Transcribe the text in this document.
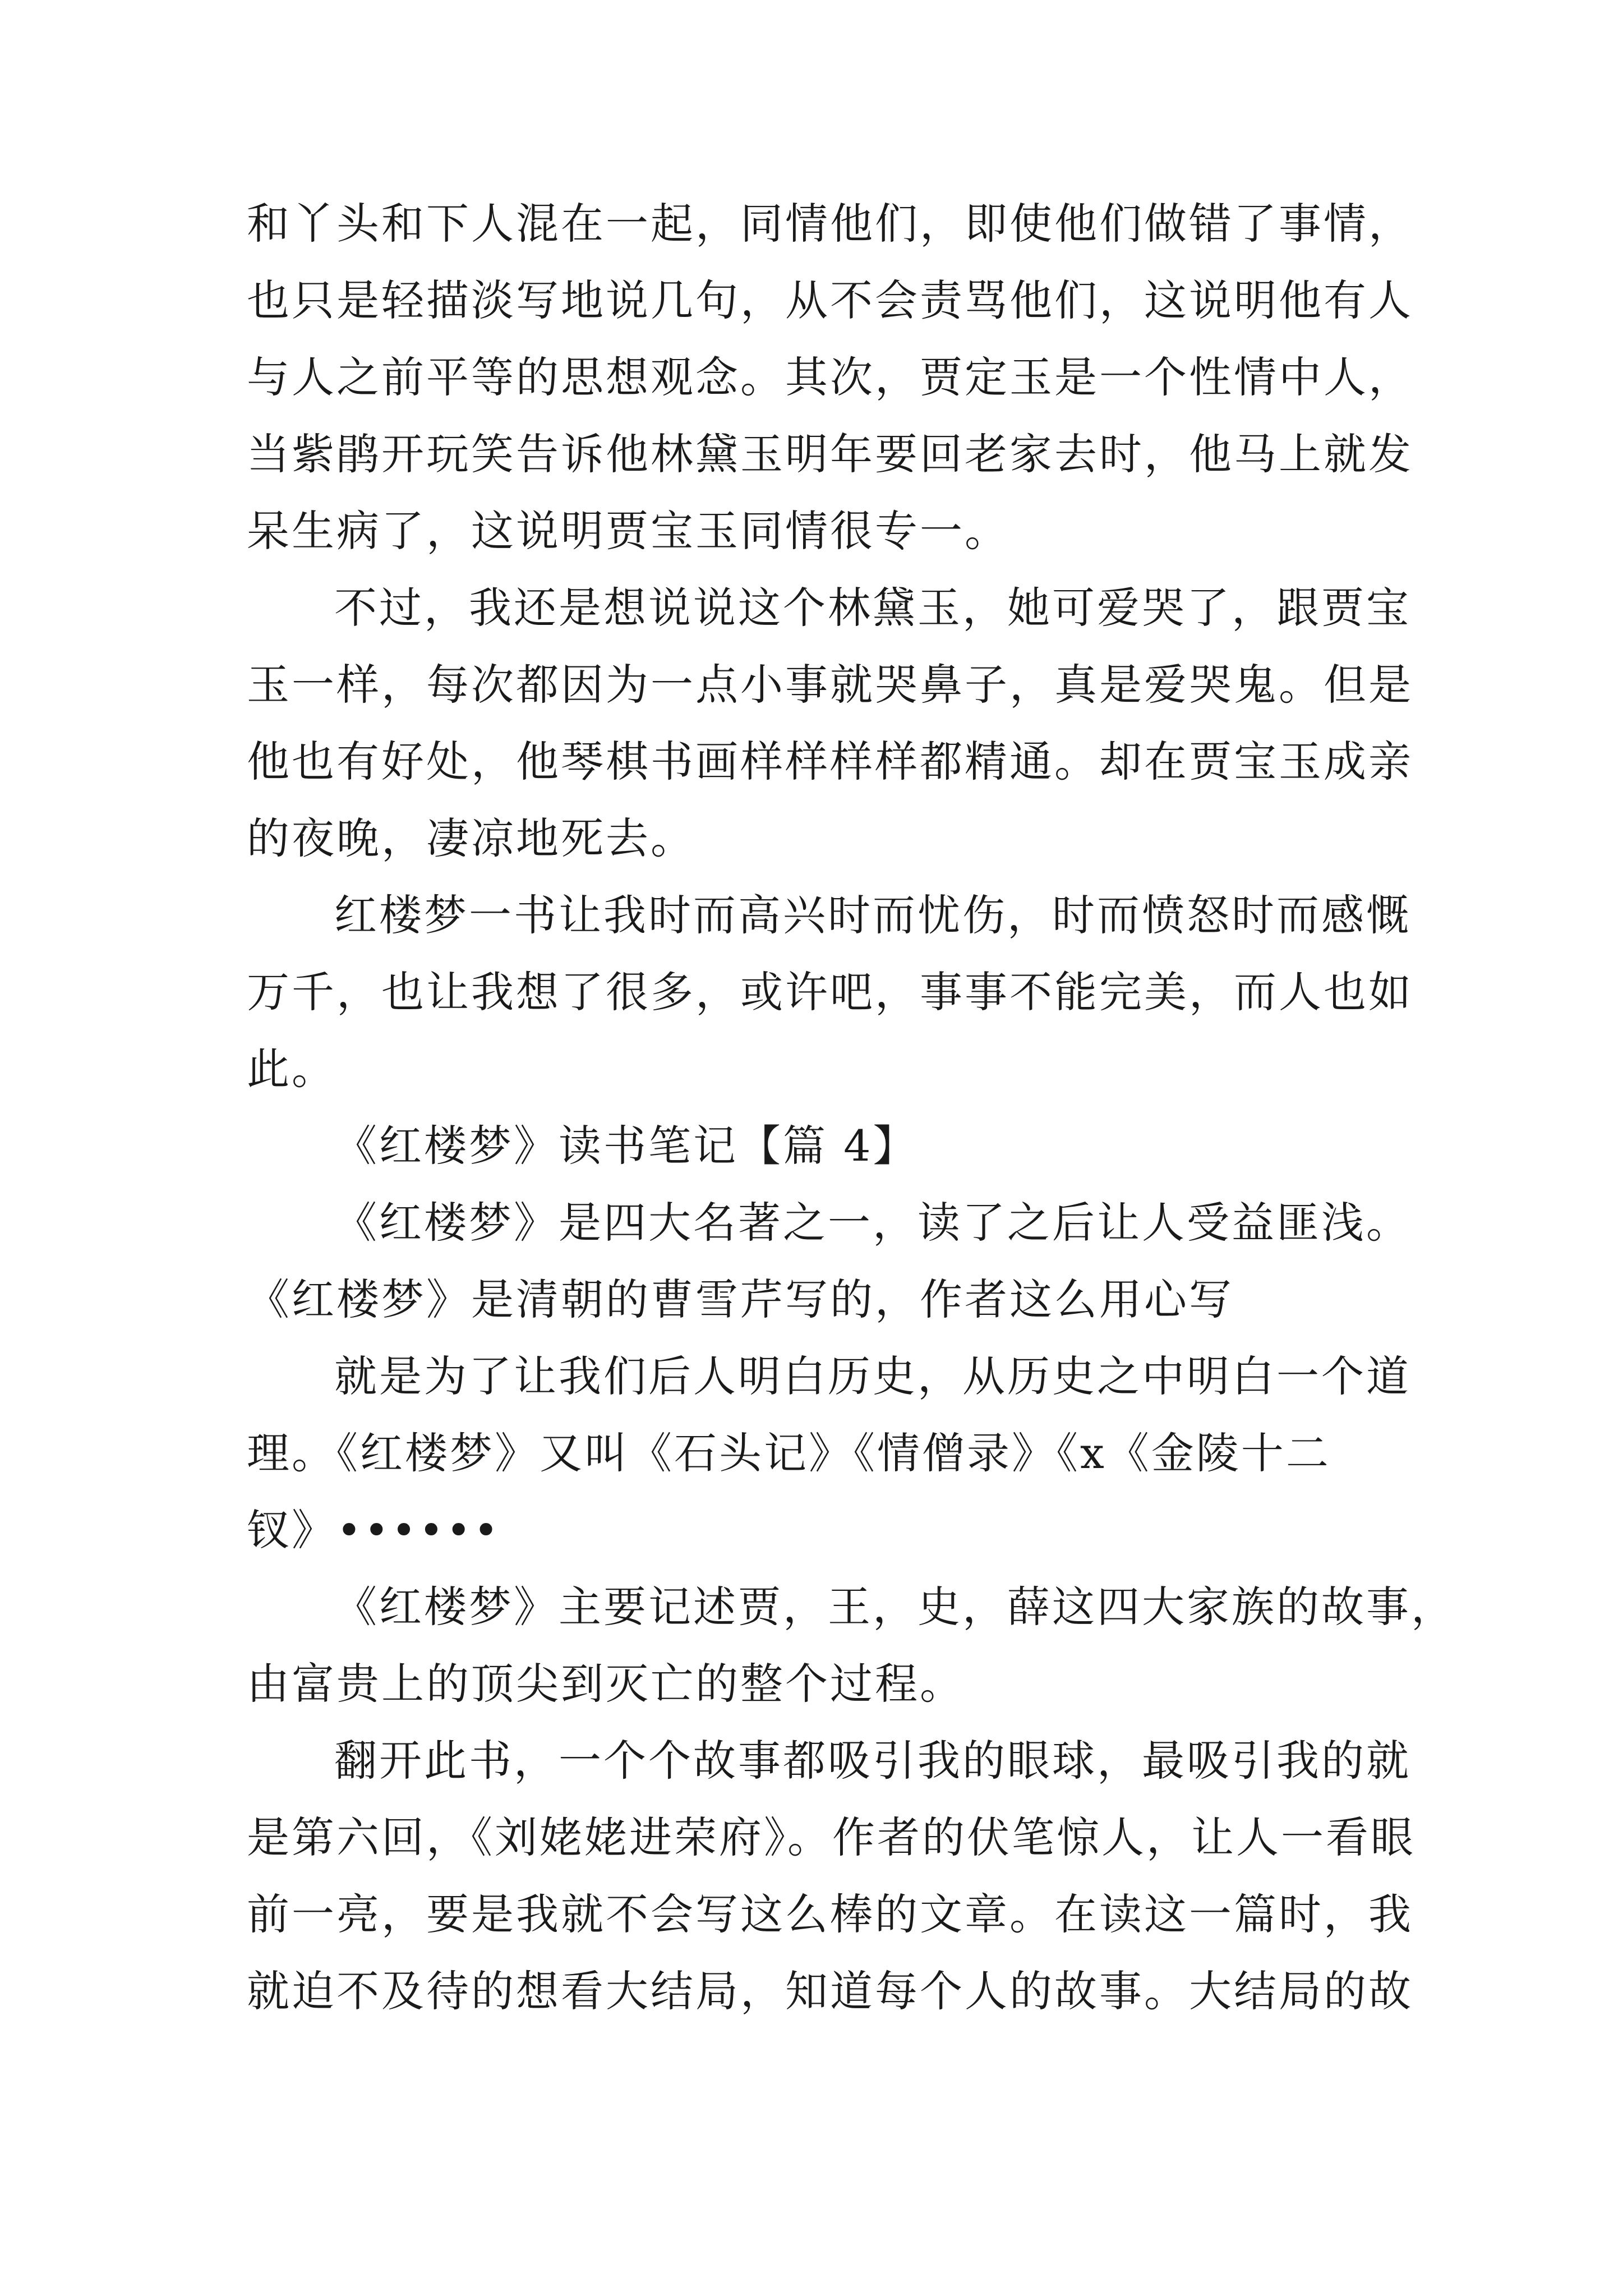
和丫头和下人混在一起，同情他们，即使他们做错了事情，
也只是轻描淡写地说几句，从不会责骂他们，这说明他有人
与人之前平等的思想观念。其次，贾定玉是一个性情中人，
当紫鹃开玩笑告诉他林黛玉明年要回老家去时，他马上就发
呆生病了，这说明贾宝玉同情很专一。
不过，我还是想说说这个林黛玉，她可爱哭了，跟贾宝
玉一样，每次都因为一点小事就哭鼻子，真是爱哭鬼。但是
他也有好处，他琴棋书画样样样样都精通。却在贾宝玉成亲
的夜晚，凄凉地死去。
红楼梦一书让我时而高兴时而忧伤，时而愤怒时而感慨
万千，也让我想了很多，或许吧，事事不能完美，而人也如
此。
《红楼梦》读书笔记【篇 4】
《红楼梦》是四大名著之一，读了之后让人受益匪浅。
《红楼梦》是清朝的曹雪芹写的，作者这么用心写
就是为了让我们后人明白历史，从历史之中明白一个道
理。《红楼梦》又叫《石头记》《情僧录》《x《金陵十二
钗》••••••
《红楼梦》主要记述贾，王，史，薛这四大家族的故事，
由富贵上的顶尖到灭亡的整个过程。
翻开此书，一个个故事都吸引我的眼球，最吸引我的就
是第六回，《刘姥姥进荣府》。作者的伏笔惊人，让人一看眼
前一亮，要是我就不会写这么棒的文章。在读这一篇时，我
就迫不及待的想看大结局，知道每个人的故事。大结局的故
